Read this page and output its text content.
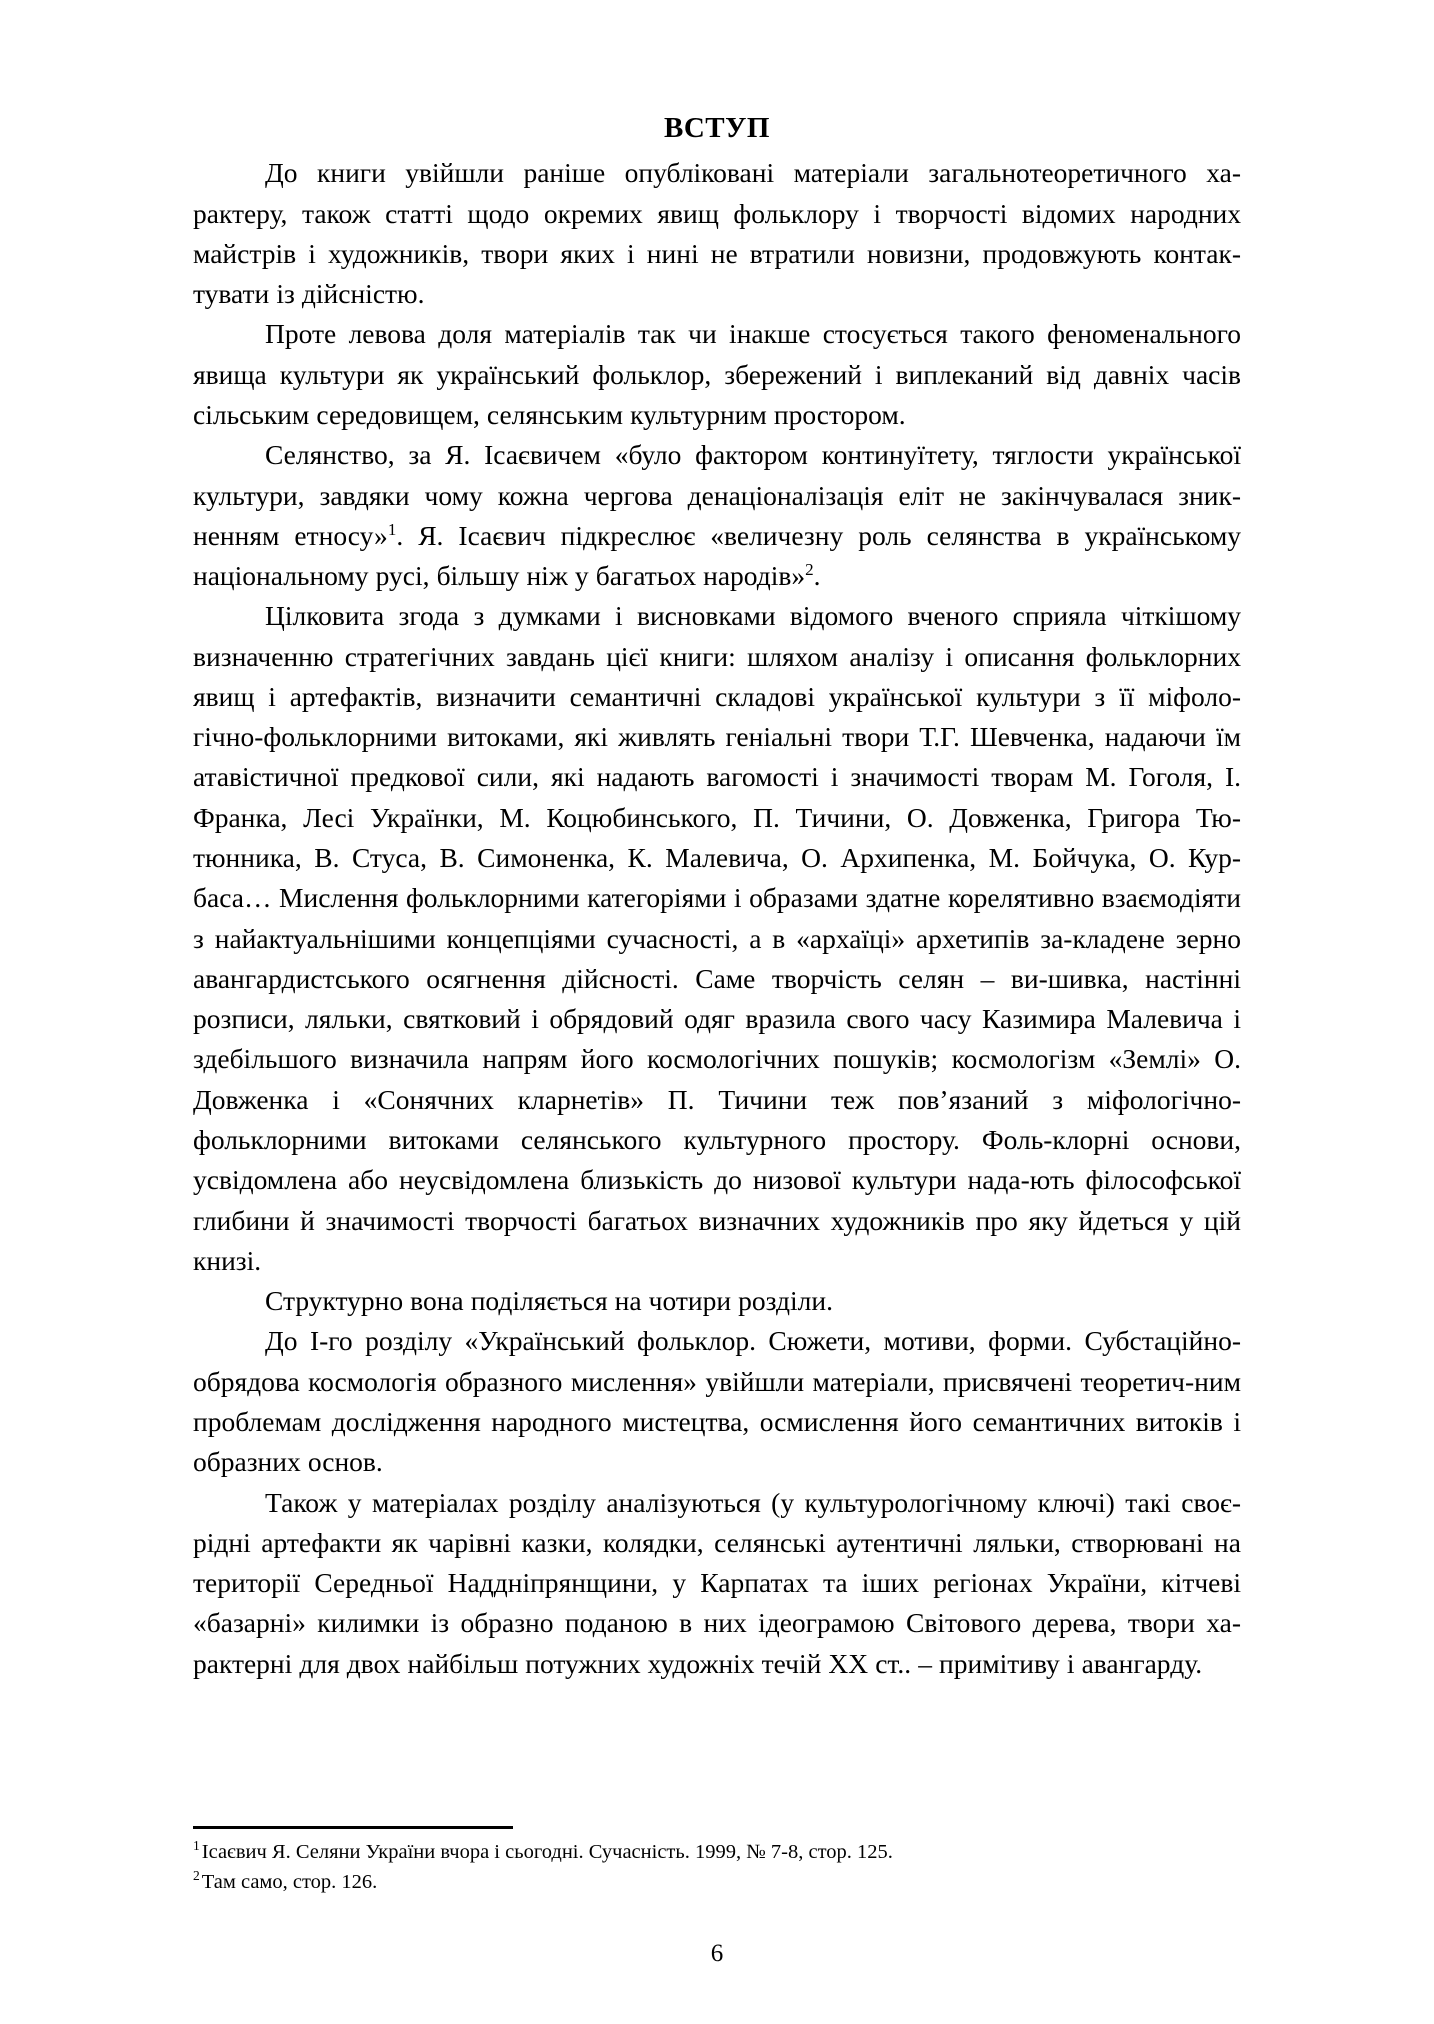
ВСТУП

До книги увійшли раніше опубліковані матеріали загальнотеоретичного ха-рактеру, також статті щодо окремих явищ фольклору і творчості відомих народних майстрів і художників, твори яких і нині не втратили новизни, продовжують контак-тувати із дійсністю.

Проте левова доля матеріалів так чи інакше стосується такого феноменального явища культури як український фольклор, збережений і виплеканий від давніх часів сільським середовищем, селянським культурним простором.

Селянство, за Я. Ісаєвичем «було фактором континуїтету, тяглости української культури, завдяки чому кожна чергова денаціоналізація еліт не закінчувалася зник-ненням етносу»$^1$. Я. Ісаєвич підкреслює «величезну роль селянства в українському національному русі, більшу ніж у багатьох народів»$^2$.

Цілковита згода з думками і висновками відомого вченого сприяла чіткішому визначенню стратегічних завдань цієї книги: шляхом аналізу і описання фольклорних явищ і артефактів, визначити семантичні складові української культури з її міфоло-гічно-фольклорними витоками, які живлять геніальні твори Т.Г. Шевченка, надаючи їм атавістичної предкової сили, які надають вагомості і значимості творам М. Гоголя, І. Франка, Лесі Українки, М. Коцюбинського, П. Тичини, О. Довженка, Григора Тю-тюнника, В. Стуса, В. Симоненка, К. Малевича, О. Архипенка, М. Бойчука, О. Кур-баса… Мислення фольклорними категоріями і образами здатне корелятивно взаємодіяти з найактуальнішими концепціями сучасності, а в «архаїці» архетипів за-кладене зерно авангардистського осягнення дійсності. Саме творчість селян – ви-шивка, настінні розписи, ляльки, святковий і обрядовий одяг вразила свого часу Казимира Малевича і здебільшого визначила напрям його космологічних пошуків; космологізм «Землі» О. Довженка і «Сонячних кларнетів» П. Тичини теж пов’язаний з міфологічно-фольклорними витоками селянського культурного простору. Фоль-клорні основи, усвідомлена або неусвідомлена близькість до низової культури нада-ють філософської глибини й значимості творчості багатьох визначних художників про яку йдеться у цій книзі.

Структурно вона поділяється на чотири розділи.

До І-го розділу «Український фольклор. Сюжети, мотиви, форми. Субстаційно-обрядова космологія образного мислення» увійшли матеріали, присвячені теоретич-ним проблемам дослідження народного мистецтва, осмислення його семантичних витоків і образних основ.

Також у матеріалах розділу аналізуються (у культурологічному ключі) такі своє-рідні артефакти як чарівні казки, колядки, селянські аутентичні ляльки, створювані на території Середньої Наддніпрянщини, у Карпатах та іших регіонах України, кітчеві «базарні» килимки із образно поданою в них ідеограмою Світового дерева, твори ха-рактерні для двох найбільш потужних художніх течій ХХ ст.. – примітиву і авангарду.

$^1$Ісаєвич Я. Селяни України вчора і сьогодні. Сучасність. 1999, № 7-8, стор. 125.

$^2$Там само, стор. 126.

6
